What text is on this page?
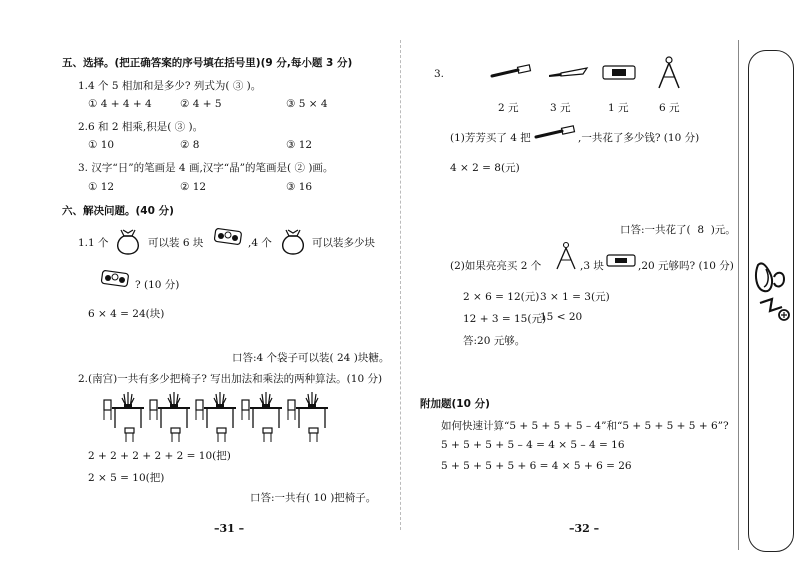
五、选择。(把正确答案的序号填在括号里)(9 分,每小题 3 分)
1.4 个 5 相加和是多少? 列式为( ③ )。
① 4 + 4 + 4	② 4 + 5	③ 5 × 4
2.6 和 2 相乘,积是( ③ )。
① 10	② 8	③ 12
3. 汉字“日”的笔画是 4 画,汉字“晶”的笔画是( ② )画。
① 12	② 12	③ 16
六、解决问题。(40 分)
1.1 个	可以装 6 块	,4 个	可以装多少块
? (10 分)
6 × 4 = 24(块)
口答:4 个袋子可以装( 24 )块糖。
2.(南宫)一共有多少把椅子? 写出加法和乘法的两种算法。(10 分)
2 + 2 + 2 + 2 + 2 = 10(把)
2 × 5 = 10(把)
口答:一共有( 10 )把椅子。
–31 –
3.
2 元	3 元	1 元	6 元
(1)芳芳买了 4 把	,一共花了多少钱? (10 分)
4 × 2 = 8(元)
口答:一共花了( 8 )元。
(2)如果亮亮买 2 个	,3 块	,20 元够吗? (10 分)
2 × 6 = 12(元) 3 × 1 = 3(元)
12 + 3 = 15(元)
15 < 20
答:20 元够。
附加题(10 分)
如何快速计算“5 + 5 + 5 + 5 – 4”和“5 + 5 + 5 + 5 + 6”?
5 + 5 + 5 + 5 – 4 = 4 × 5 – 4 = 16
5 + 5 + 5 + 5 + 6 = 4 × 5 + 6 = 26
–32 –
